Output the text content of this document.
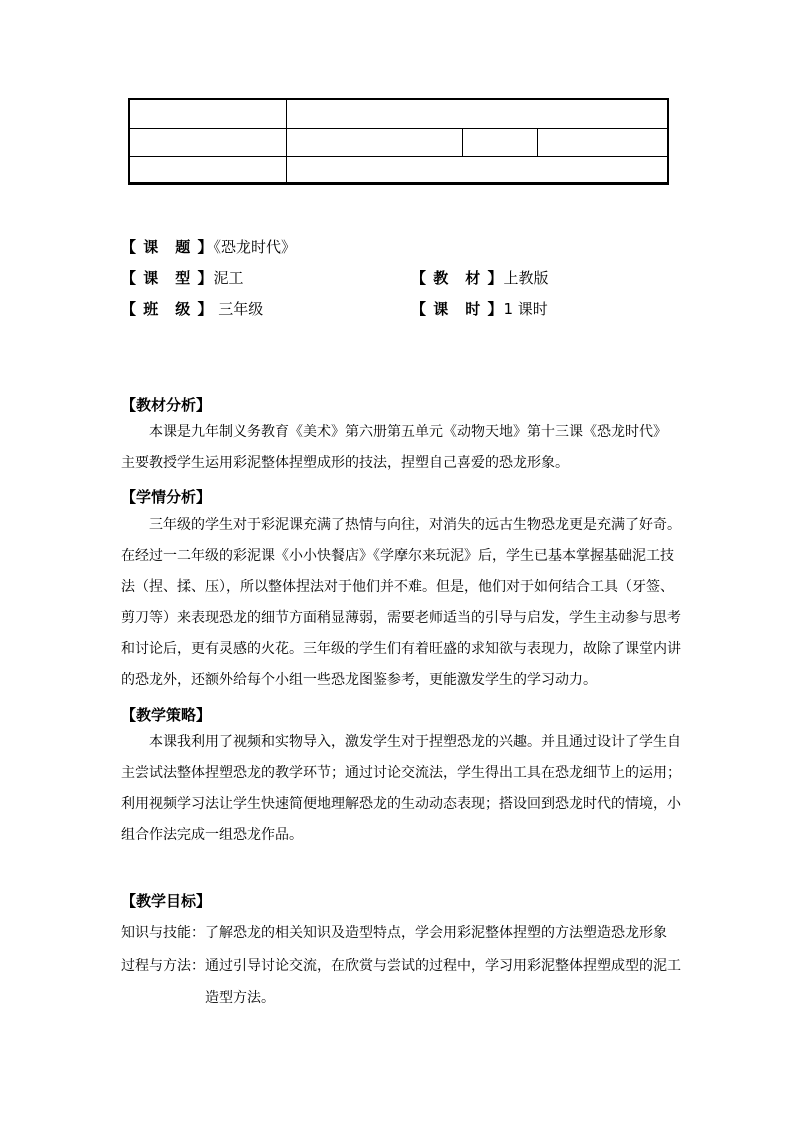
【 课　题 】《恐龙时代》
【 课　型 】泥工	【 教　材 】上教版
【 班　级 】 三年级	【 课　时 】1 课时
【教材分析】
本课是九年制义务教育《美术》第六册第五单元《动物天地》第十三课《恐龙时代》
主要教授学生运用彩泥整体捏塑成形的技法，捏塑自己喜爱的恐龙形象。
【学情分析】
三年级的学生对于彩泥课充满了热情与向往，对消失的远古生物恐龙更是充满了好奇。
在经过一二年级的彩泥课《小小快餐店》《学摩尔来玩泥》后，学生已基本掌握基础泥工技
法（捏、揉、压），所以整体捏法对于他们并不难。但是，他们对于如何结合工具（牙签、
剪刀等）来表现恐龙的细节方面稍显薄弱，需要老师适当的引导与启发，学生主动参与思考
和讨论后，更有灵感的火花。三年级的学生们有着旺盛的求知欲与表现力，故除了课堂内讲
的恐龙外，还额外给每个小组一些恐龙图鉴参考，更能激发学生的学习动力。
【教学策略】
本课我利用了视频和实物导入，激发学生对于捏塑恐龙的兴趣。并且通过设计了学生自
主尝试法整体捏塑恐龙的教学环节；通过讨论交流法，学生得出工具在恐龙细节上的运用；
利用视频学习法让学生快速简便地理解恐龙的生动动态表现；搭设回到恐龙时代的情境，小
组合作法完成一组恐龙作品。
【教学目标】
知识与技能：了解恐龙的相关知识及造型特点，学会用彩泥整体捏塑的方法塑造恐龙形象
过程与方法：通过引导讨论交流，在欣赏与尝试的过程中，学习用彩泥整体捏塑成型的泥工
造型方法。
